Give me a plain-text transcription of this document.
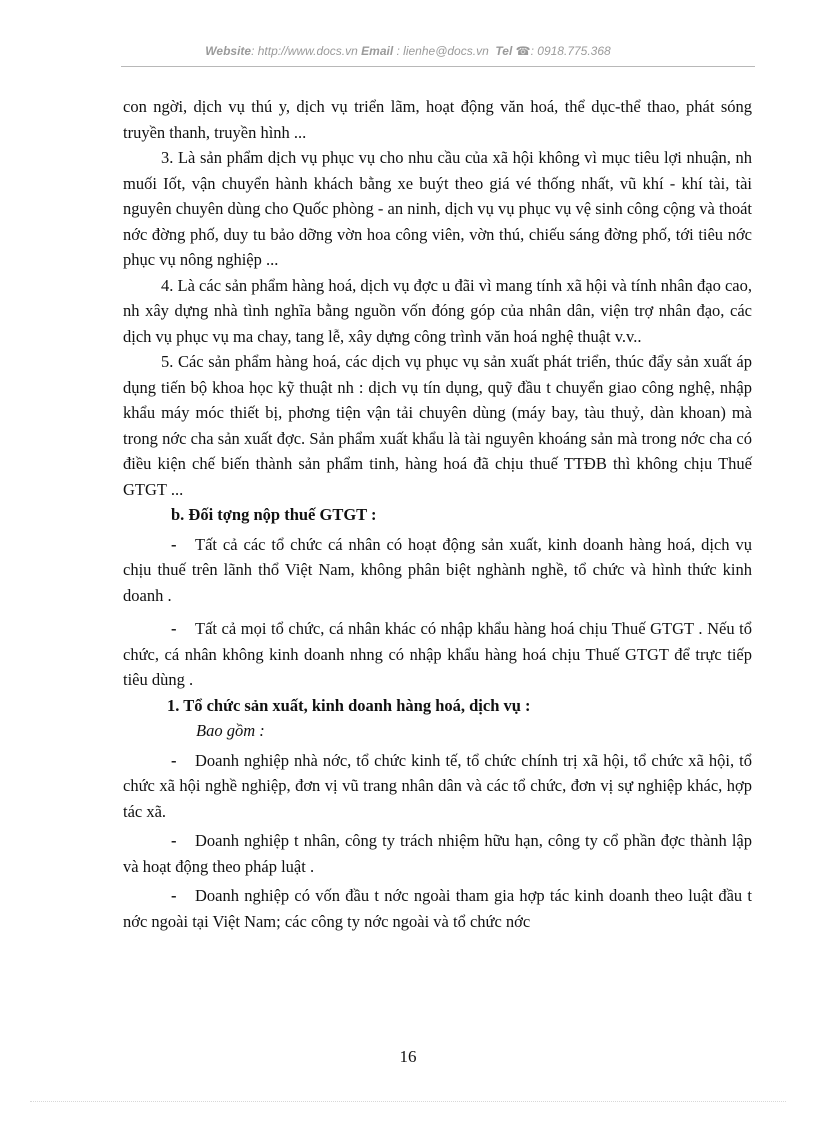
Website: http://www.docs.vn Email : lienhe@docs.vn Tel ☎: 0918.775.368

con ngời, dịch vụ thú y, dịch vụ triển lãm, hoạt động văn hoá, thể dục-thể thao, phát sóng truyền thanh, truyền hình ...

3. Là sản phẩm dịch vụ phục vụ cho nhu cầu của xã hội không vì mục tiêu lợi nhuận, nh muối Iốt, vận chuyển hành khách bằng xe buýt theo giá vé thống nhất, vũ khí - khí tài, tài nguyên chuyên dùng cho Quốc phòng - an ninh, dịch vụ vụ phục vụ vệ sinh công cộng và thoát nớc đờng phố, duy tu bảo dỡng vờn hoa công viên, vờn thú, chiếu sáng đờng phố, tới tiêu nớc phục vụ nông nghiệp ...

4. Là các sản phẩm hàng hoá, dịch vụ đợc u đãi vì mang tính xã hội và tính nhân đạo cao, nh xây dựng nhà tình nghĩa bằng nguồn vốn đóng góp của nhân dân, viện trợ nhân đạo, các dịch vụ phục vụ ma chay, tang lễ, xây dựng công trình văn hoá nghệ thuật v.v..

5. Các sản phẩm hàng hoá, các dịch vụ phục vụ sản xuất phát triển, thúc đẩy sản xuất áp dụng tiến bộ khoa học kỹ thuật nh : dịch vụ tín dụng, quỹ đầu t chuyển giao công nghệ, nhập khẩu máy móc thiết bị, phơng tiện vận tải chuyên dùng (máy bay, tàu thuỷ, dàn khoan) mà trong nớc cha sản xuất đợc. Sản phẩm xuất khẩu là tài nguyên khoáng sản mà trong nớc cha có điều kiện chế biến thành sản phẩm tinh, hàng hoá đã chịu thuế TTĐB thì không chịu Thuế GTGT ...

b. Đối tợng nộp thuế GTGT :

- Tất cả các tổ chức cá nhân có hoạt động sản xuất, kinh doanh hàng hoá, dịch vụ chịu thuế trên lãnh thổ Việt Nam, không phân biệt nghành nghề, tổ chức và hình thức kinh doanh .

- Tất cả mọi tổ chức, cá nhân khác có nhập khẩu hàng hoá chịu Thuế GTGT . Nếu tổ chức, cá nhân không kinh doanh nhng có nhập khẩu hàng hoá chịu Thuế GTGT để trực tiếp tiêu dùng .

1. Tổ chức sản xuất, kinh doanh hàng hoá, dịch vụ :

Bao gồm :

- Doanh nghiệp nhà nớc, tổ chức kinh tế, tổ chức chính trị xã hội, tổ chức xã hội, tổ chức xã hội nghề nghiệp, đơn vị vũ trang nhân dân và các tổ chức, đơn vị sự nghiệp khác, hợp tác xã.

- Doanh nghiệp t nhân, công ty trách nhiệm hữu hạn, công ty cổ phần đợc thành lập và hoạt động theo pháp luật .

- Doanh nghiệp có vốn đầu t nớc ngoài tham gia hợp tác kinh doanh theo luật đầu t nớc ngoài tại Việt Nam; các công ty nớc ngoài và tổ chức nớc

16
